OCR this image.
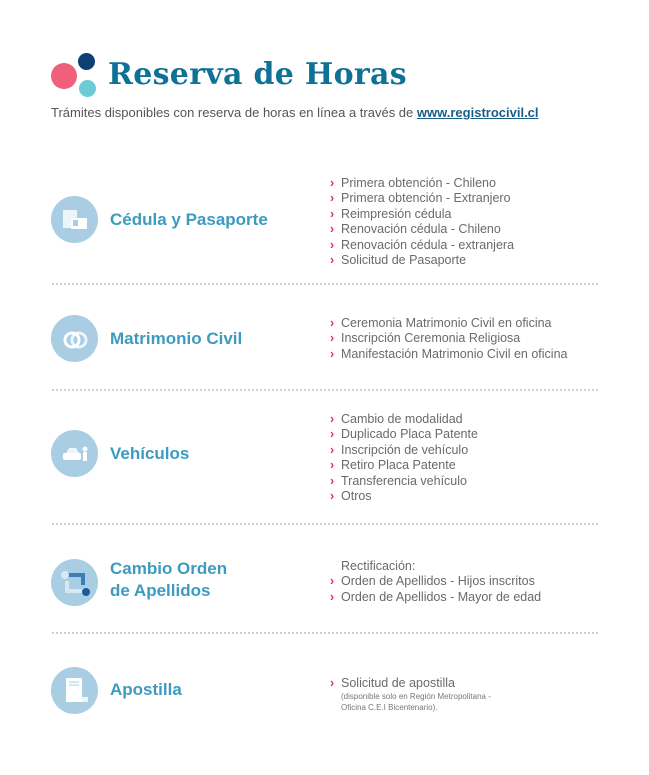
Reserva de Horas
Trámites disponibles con reserva de horas en línea a través de www.registrocivil.cl
Cédula y Pasaporte
› Primera obtención - Chileno
› Primera obtención - Extranjero
› Reimpresión cédula
› Renovación cédula - Chileno
› Renovación cédula - extranjera
› Solicitud de Pasaporte
Matrimonio Civil
› Ceremonia Matrimonio Civil en oficina
› Inscripción Ceremonia Religiosa
› Manifestación Matrimonio Civil en oficina
Vehículos
› Cambio de modalidad
› Duplicado Placa Patente
› Inscripción de vehículo
› Retiro Placa Patente
› Transferencia vehículo
› Otros
Cambio Orden
de Apellidos
Rectificación:
› Orden de Apellidos - Hijos inscritos
› Orden de Apellidos - Mayor de edad
Apostilla	› Solicitud de apostilla
(disponible solo en Región Metropolitana -
Oficina C.E.I Bicentenario).
